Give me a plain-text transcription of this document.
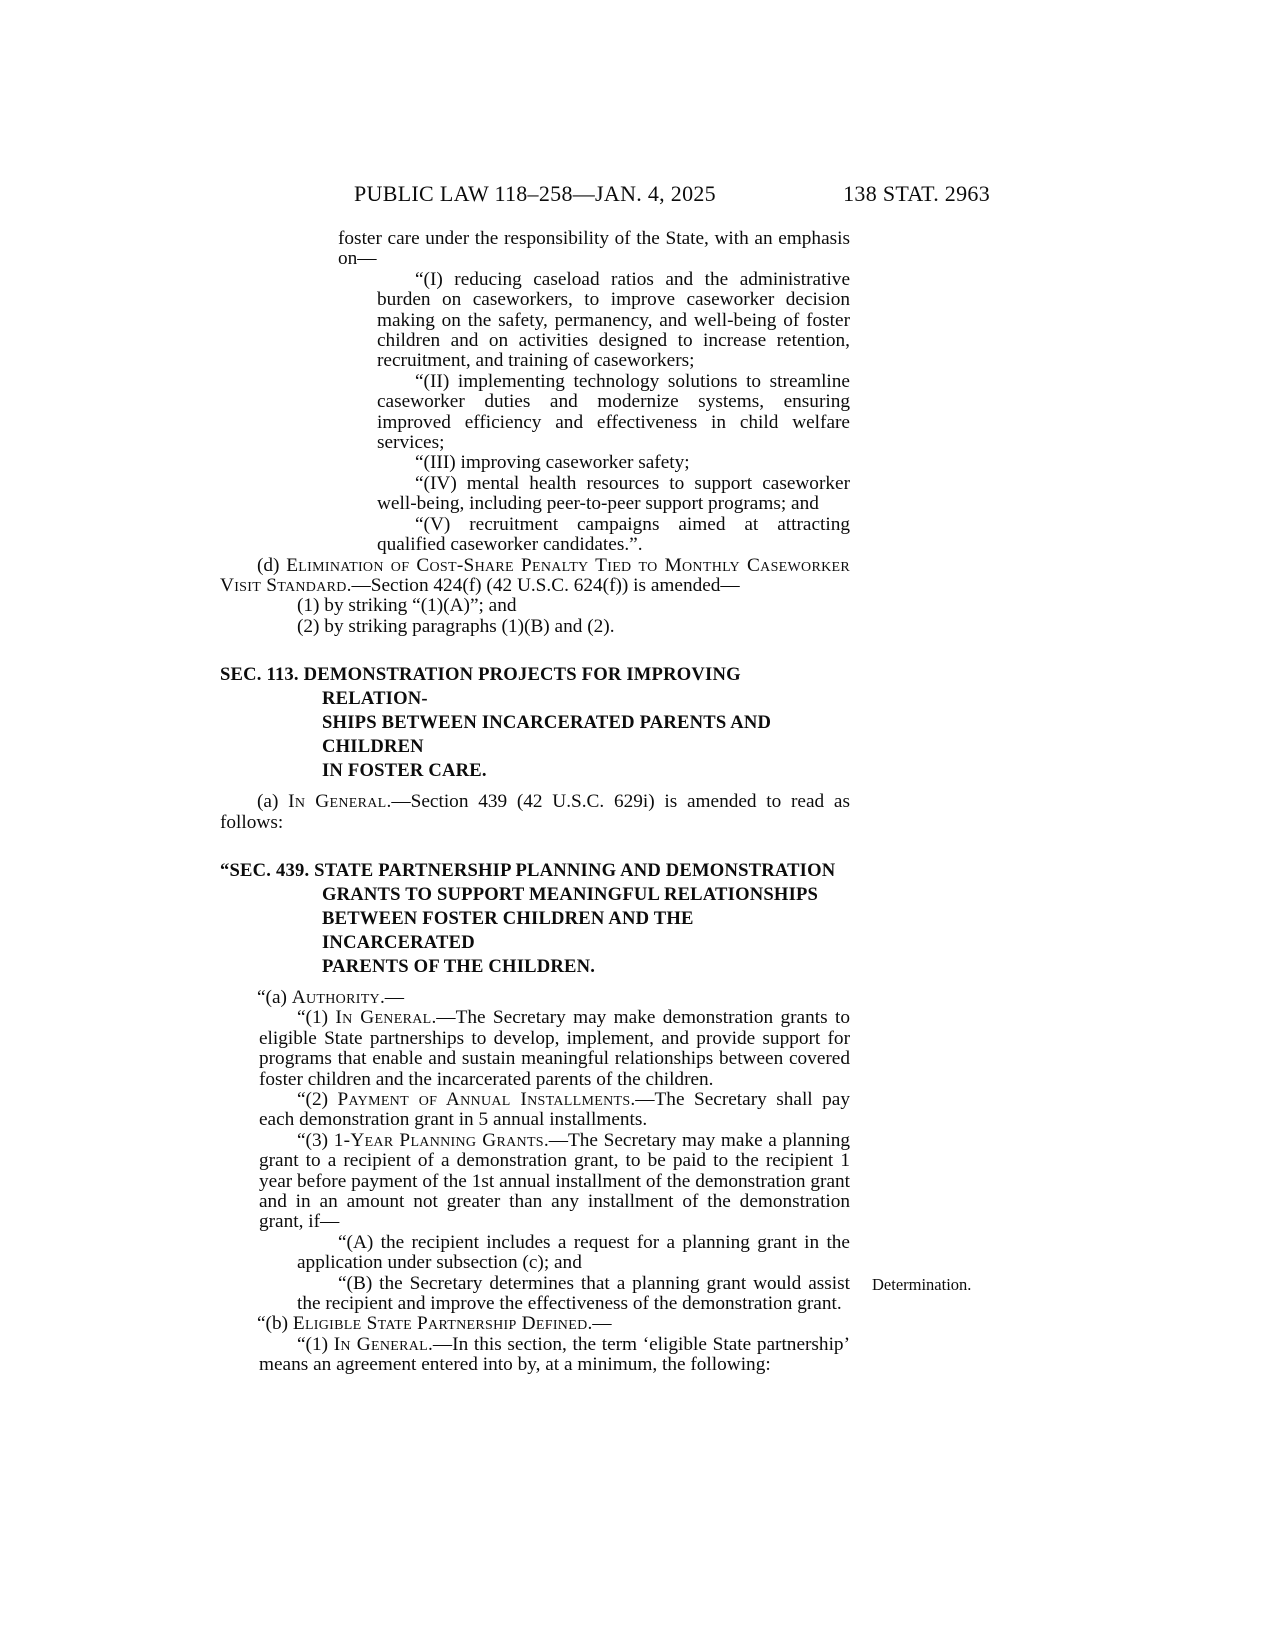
PUBLIC LAW 118–258—JAN. 4, 2025	138 STAT. 2963

foster care under the responsibility of the State, with an emphasis on—

“(I) reducing caseload ratios and the administrative burden on caseworkers, to improve caseworker decision making on the safety, permanency, and well-being of foster children and on activities designed to increase retention, recruitment, and training of caseworkers;

“(II) implementing technology solutions to streamline caseworker duties and modernize systems, ensuring improved efficiency and effectiveness in child welfare services;

“(III) improving caseworker safety;

“(IV) mental health resources to support caseworker well-being, including peer-to-peer support programs; and

“(V) recruitment campaigns aimed at attracting qualified caseworker candidates.”.

(d) Elimination of Cost-Share Penalty Tied to Monthly Caseworker Visit Standard.—Section 424(f) (42 U.S.C. 624(f)) is amended—

(1) by striking “(1)(A)”; and

(2) by striking paragraphs (1)(B) and (2).

SEC. 113. DEMONSTRATION PROJECTS FOR IMPROVING RELATION-
SHIPS BETWEEN INCARCERATED PARENTS AND CHILDREN
IN FOSTER CARE.

(a) In General.—Section 439 (42 U.S.C. 629i) is amended to read as follows:

“SEC. 439. STATE PARTNERSHIP PLANNING AND DEMONSTRATION
GRANTS TO SUPPORT MEANINGFUL RELATIONSHIPS
BETWEEN FOSTER CHILDREN AND THE INCARCERATED
PARENTS OF THE CHILDREN.

“(a) Authority.—

“(1) In General.—The Secretary may make demonstration grants to eligible State partnerships to develop, implement, and provide support for programs that enable and sustain meaningful relationships between covered foster children and the incarcerated parents of the children.

“(2) Payment of Annual Installments.—The Secretary shall pay each demonstration grant in 5 annual installments.

“(3) 1-Year Planning Grants.—The Secretary may make a planning grant to a recipient of a demonstration grant, to be paid to the recipient 1 year before payment of the 1st annual installment of the demonstration grant and in an amount not greater than any installment of the demonstration grant, if—

“(A) the recipient includes a request for a planning grant in the application under subsection (c); and

“(B) the Secretary determines that a planning grant would assist the recipient and improve the effectiveness of the demonstration grant.
Determination.

“(b) Eligible State Partnership Defined.—

“(1) In General.—In this section, the term ‘eligible State partnership’ means an agreement entered into by, at a minimum, the following:
